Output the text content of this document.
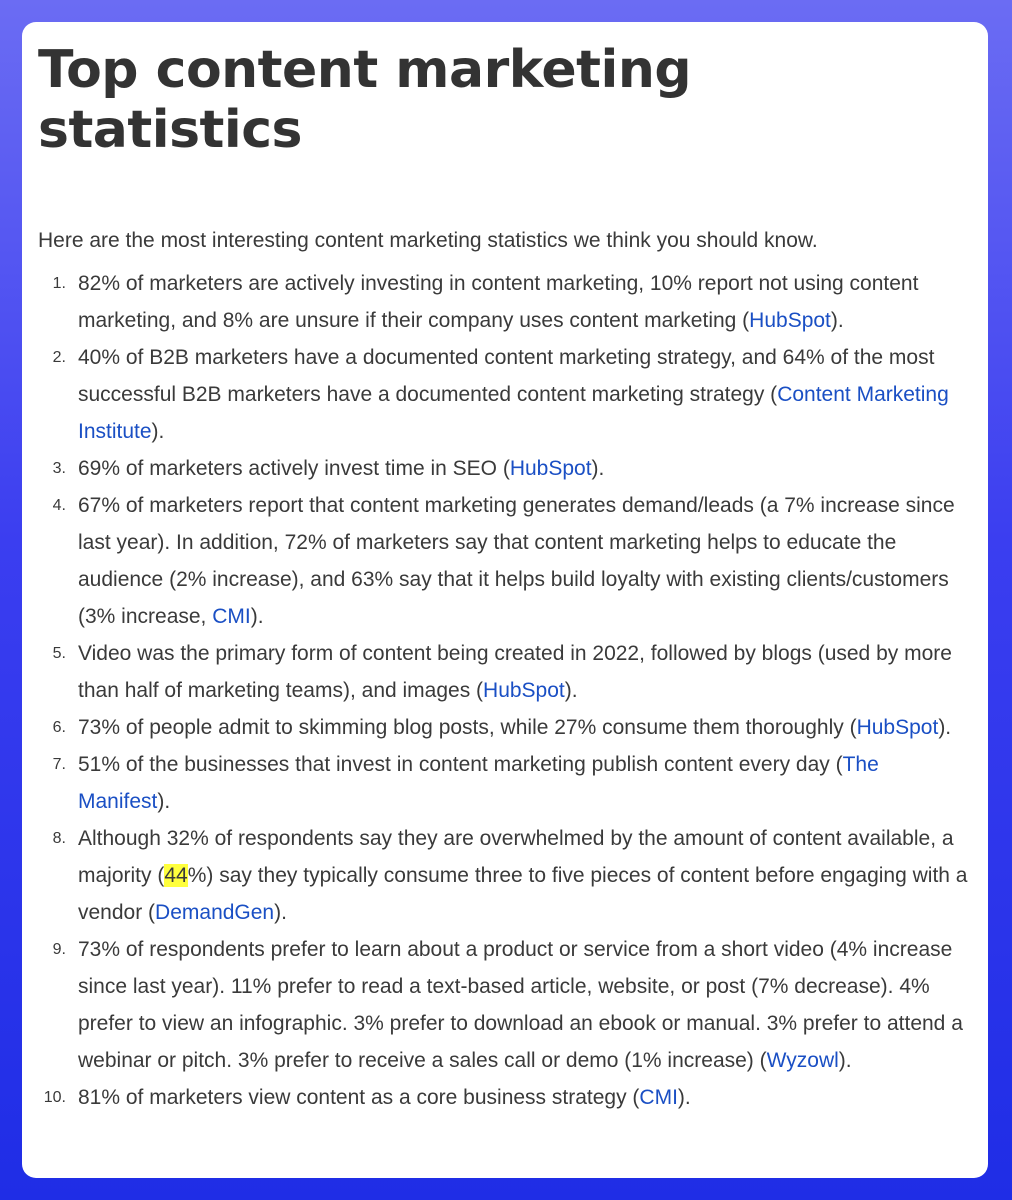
Top content marketing statistics

Here are the most interesting content marketing statistics we think you should know.

1. 82% of marketers are actively investing in content marketing, 10% report not using content marketing, and 8% are unsure if their company uses content marketing (HubSpot).
2. 40% of B2B marketers have a documented content marketing strategy, and 64% of the most successful B2B marketers have a documented content marketing strategy (Content Marketing Institute).
3. 69% of marketers actively invest time in SEO (HubSpot).
4. 67% of marketers report that content marketing generates demand/leads (a 7% increase since last year). In addition, 72% of marketers say that content marketing helps to educate the audience (2% increase), and 63% say that it helps build loyalty with existing clients/customers (3% increase, CMI).
5. Video was the primary form of content being created in 2022, followed by blogs (used by more than half of marketing teams), and images (HubSpot).
6. 73% of people admit to skimming blog posts, while 27% consume them thoroughly (HubSpot).
7. 51% of the businesses that invest in content marketing publish content every day (The Manifest).
8. Although 32% of respondents say they are overwhelmed by the amount of content available, a majority (44%) say they typically consume three to five pieces of content before engaging with a vendor (DemandGen).
9. 73% of respondents prefer to learn about a product or service from a short video (4% increase since last year). 11% prefer to read a text-based article, website, or post (7% decrease). 4% prefer to view an infographic. 3% prefer to download an ebook or manual. 3% prefer to attend a webinar or pitch. 3% prefer to receive a sales call or demo (1% increase) (Wyzowl).
10. 81% of marketers view content as a core business strategy (CMI).
